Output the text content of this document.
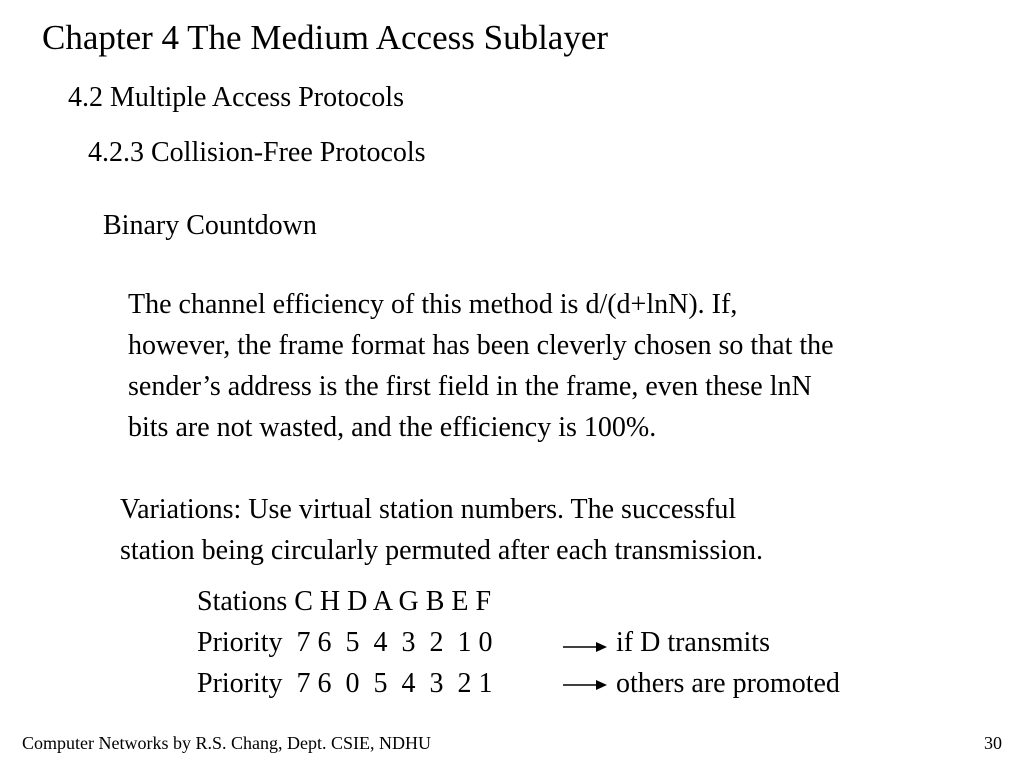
Chapter 4 The Medium Access Sublayer
4.2 Multiple Access Protocols
4.2.3 Collision-Free Protocols
Binary Countdown
The channel efficiency of this method is d/(d+lnN). If,
however, the frame format has been cleverly chosen so that the
sender’s address is the first field in the frame, even these lnN
bits are not wasted, and the efficiency is 100%.
Variations: Use virtual station numbers. The successful
station being circularly permuted after each transmission.
Stations C H D A G B E F
Priority  7 6  5  4  3  2  1 0
Priority  7 6  0  5  4  3  2 1
if D transmits
others are promoted
Computer Networks by R.S. Chang, Dept. CSIE, NDHU	30
